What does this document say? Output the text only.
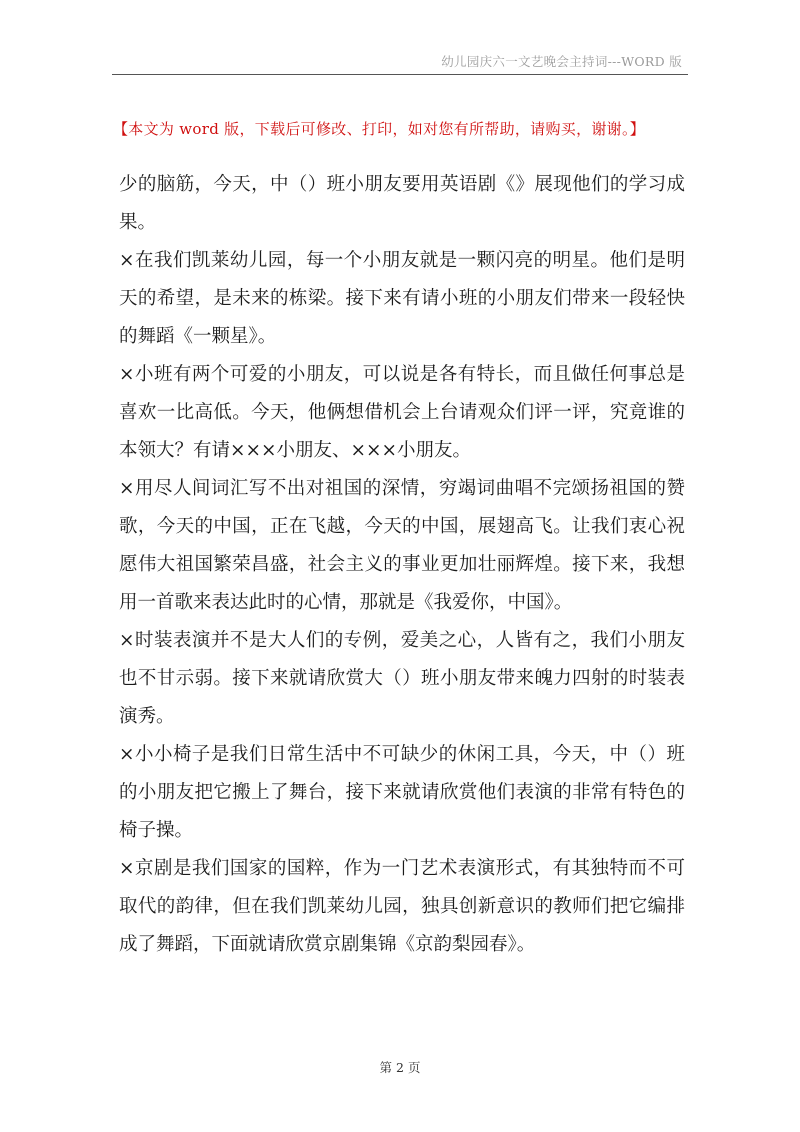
幼儿园庆六一文艺晚会主持词---WORD 版
【本文为 word 版，下载后可修改、打印，如对您有所帮助，请购买，谢谢。】

少的脑筋，今天，中（）班小朋友要用英语剧《》展现他们的学习成果。

×在我们凯莱幼儿园，每一个小朋友就是一颗闪亮的明星。他们是明天的希望，是未来的栋梁。接下来有请小班的小朋友们带来一段轻快的舞蹈《一颗星》。

×小班有两个可爱的小朋友，可以说是各有特长，而且做任何事总是喜欢一比高低。今天，他俩想借机会上台请观众们评一评，究竟谁的本领大？有请×××小朋友、×××小朋友。

×用尽人间词汇写不出对祖国的深情，穷竭词曲唱不完颂扬祖国的赞歌，今天的中国，正在飞越，今天的中国，展翅高飞。让我们衷心祝愿伟大祖国繁荣昌盛，社会主义的事业更加壮丽辉煌。接下来，我想用一首歌来表达此时的心情，那就是《我爱你，中国》。

×时装表演并不是大人们的专例，爱美之心，人皆有之，我们小朋友也不甘示弱。接下来就请欣赏大（）班小朋友带来魄力四射的时装表演秀。

×小小椅子是我们日常生活中不可缺少的休闲工具，今天，中（）班的小朋友把它搬上了舞台，接下来就请欣赏他们表演的非常有特色的椅子操。

×京剧是我们国家的国粹，作为一门艺术表演形式，有其独特而不可取代的韵律，但在我们凯莱幼儿园，独具创新意识的教师们把它编排成了舞蹈，下面就请欣赏京剧集锦《京韵梨园春》。

第 2 页
